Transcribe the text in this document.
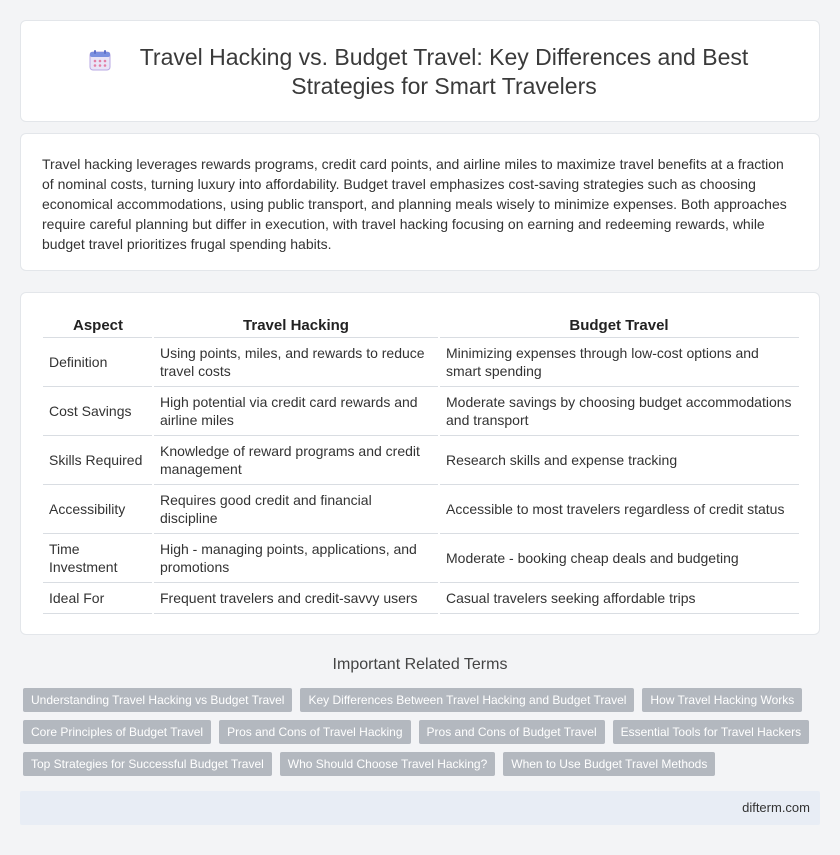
Travel Hacking vs. Budget Travel: Key Differences and Best Strategies for Smart Travelers

Travel hacking leverages rewards programs, credit card points, and airline miles to maximize travel benefits at a fraction of nominal costs, turning luxury into affordability. Budget travel emphasizes cost-saving strategies such as choosing economical accommodations, using public transport, and planning meals wisely to minimize expenses. Both approaches require careful planning but differ in execution, with travel hacking focusing on earning and redeeming rewards, while budget travel prioritizes frugal spending habits.

Aspect	Travel Hacking	Budget Travel
Definition	Using points, miles, and rewards to reduce travel costs	Minimizing expenses through low-cost options and smart spending
Cost Savings	High potential via credit card rewards and airline miles	Moderate savings by choosing budget accommodations and transport
Skills Required	Knowledge of reward programs and credit management	Research skills and expense tracking
Accessibility	Requires good credit and financial discipline	Accessible to most travelers regardless of credit status
Time Investment	High - managing points, applications, and promotions	Moderate - booking cheap deals and budgeting
Ideal For	Frequent travelers and credit-savvy users	Casual travelers seeking affordable trips
Important Related Terms
Understanding Travel Hacking vs Budget Travel	Key Differences Between Travel Hacking and Budget Travel	How Travel Hacking Works
Core Principles of Budget Travel	Pros and Cons of Travel Hacking	Pros and Cons of Budget Travel	Essential Tools for Travel Hackers
Top Strategies for Successful Budget Travel	Who Should Choose Travel Hacking?	When to Use Budget Travel Methods
difterm.com
